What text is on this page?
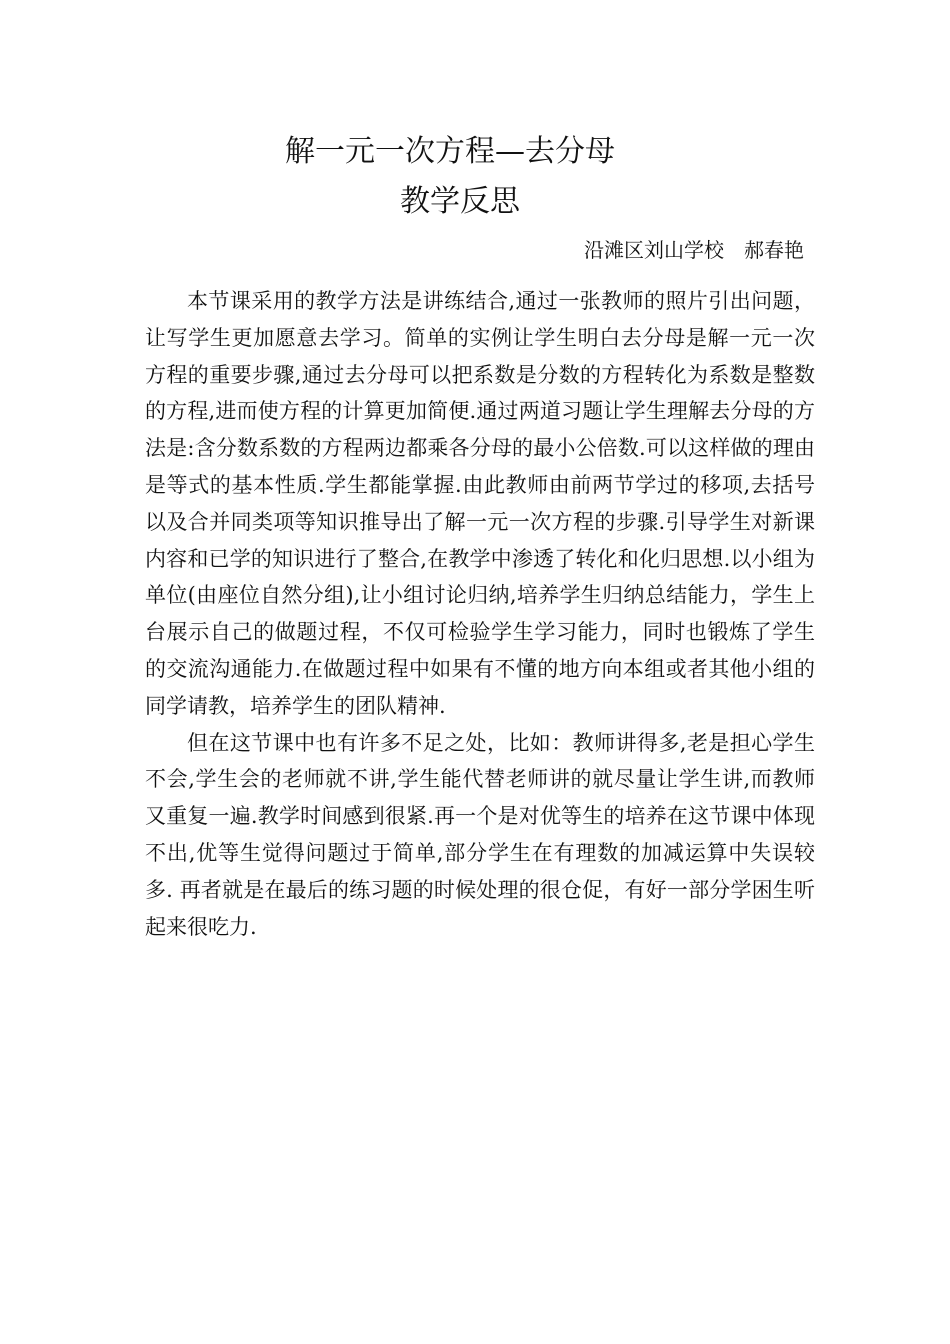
解一元一次方程—去分母
教学反思

沿滩区刘山学校　郝春艳

本节课采用的教学方法是讲练结合,通过一张教师的照片引出问题，让写学生更加愿意去学习。简单的实例让学生明白去分母是解一元一次方程的重要步骤,通过去分母可以把系数是分数的方程转化为系数是整数的方程,进而使方程的计算更加简便.通过两道习题让学生理解去分母的方法是:含分数系数的方程两边都乘各分母的最小公倍数.可以这样做的理由是等式的基本性质.学生都能掌握.由此教师由前两节学过的移项,去括号以及合并同类项等知识推导出了解一元一次方程的步骤.引导学生对新课内容和已学的知识进行了整合,在教学中渗透了转化和化归思想.以小组为单位(由座位自然分组),让小组讨论归纳,培养学生归纳总结能力，学生上台展示自己的做题过程，不仅可检验学生学习能力，同时也锻炼了学生的交流沟通能力.在做题过程中如果有不懂的地方向本组或者其他小组的同学请教，培养学生的团队精神.

但在这节课中也有许多不足之处，比如：教师讲得多,老是担心学生不会,学生会的老师就不讲,学生能代替老师讲的就尽量让学生讲,而教师又重复一遍.教学时间感到很紧.再一个是对优等生的培养在这节课中体现不出,优等生觉得问题过于简单,部分学生在有理数的加减运算中失误较多. 再者就是在最后的练习题的时候处理的很仓促，有好一部分学困生听起来很吃力.
